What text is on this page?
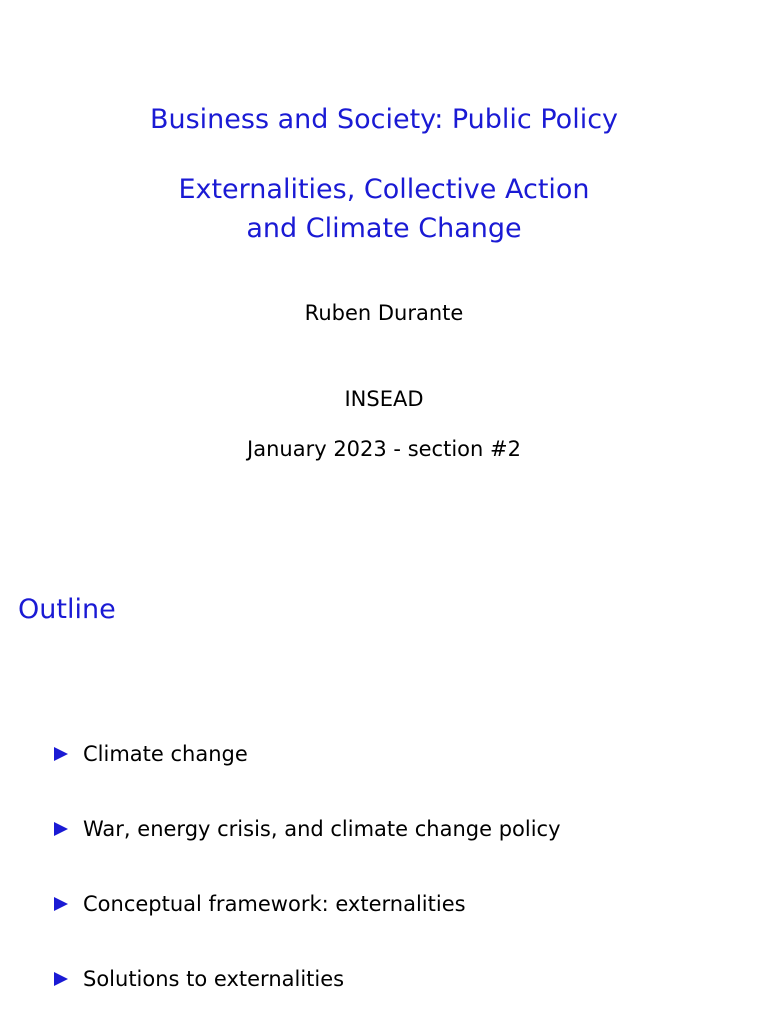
Business and Society: Public Policy
Externalities, Collective Action
and Climate Change
Ruben Durante
INSEAD
January 2023 - section #2
Outline
Climate change
War, energy crisis, and climate change policy
Conceptual framework: externalities
Solutions to externalities
